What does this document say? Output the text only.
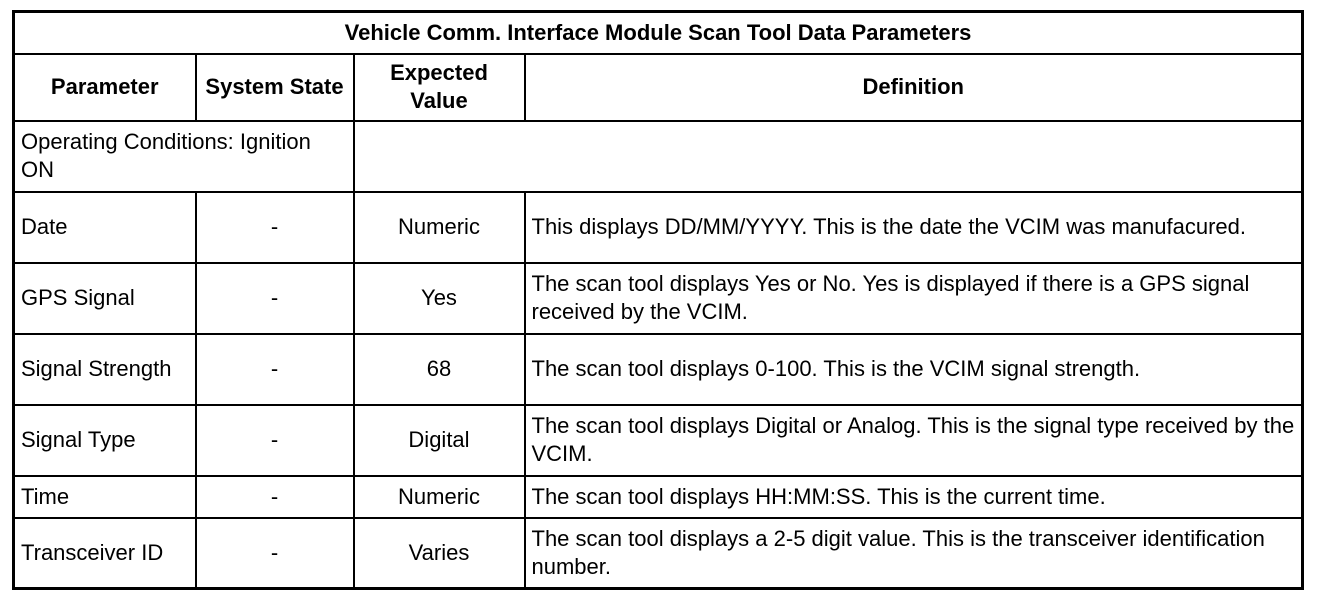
Vehicle Comm. Interface Module Scan Tool Data Parameters			
Parameter	System State	Expected Value	Definition
Operating Conditions: Ignition ON			
Date	-	Numeric	This displays DD/MM/YYYY. This is the date the VCIM was manufacured.
GPS Signal	-	Yes	The scan tool displays Yes or No. Yes is displayed if there is a GPS signal received by the VCIM.
Signal Strength	-	68	The scan tool displays 0-100. This is the VCIM signal strength.
Signal Type	-	Digital	The scan tool displays Digital or Analog. This is the signal type received by the VCIM.
Time	-	Numeric	The scan tool displays HH:MM:SS. This is the current time.
Transceiver ID	-	Varies	The scan tool displays a 2-5 digit value. This is the transceiver identification number.
